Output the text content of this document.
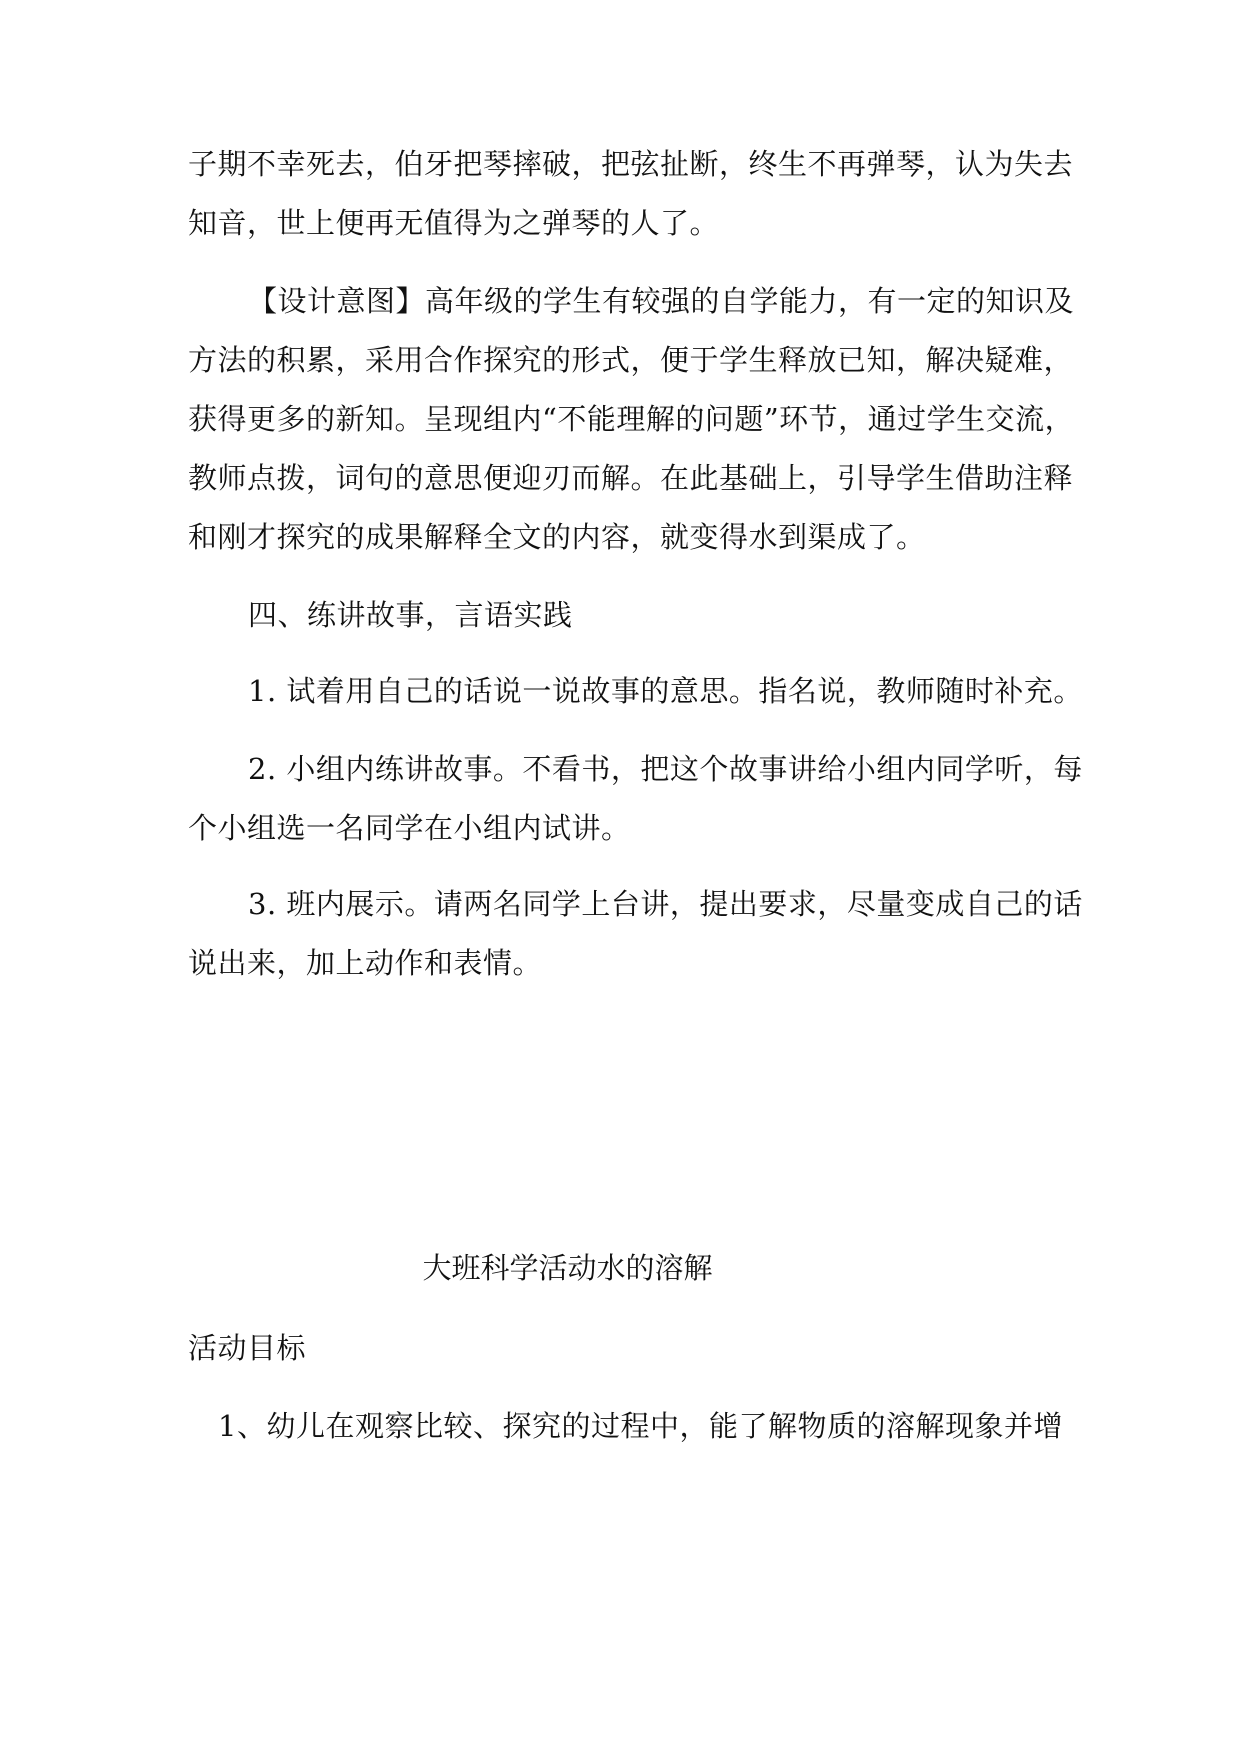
子期不幸死去，伯牙把琴摔破，把弦扯断，终生不再弹琴，认为失去
知音，世上便再无值得为之弹琴的人了。
【设计意图】高年级的学生有较强的自学能力，有一定的知识及
方法的积累，采用合作探究的形式，便于学生释放已知，解决疑难，
获得更多的新知。呈现组内“不能理解的问题”环节，通过学生交流，
教师点拨，词句的意思便迎刃而解。在此基础上，引导学生借助注释
和刚才探究的成果解释全文的内容，就变得水到渠成了。
四、练讲故事，言语实践
1. 试着用自己的话说一说故事的意思。指名说，教师随时补充。
2. 小组内练讲故事。不看书，把这个故事讲给小组内同学听，每
个小组选一名同学在小组内试讲。
3. 班内展示。请两名同学上台讲，提出要求，尽量变成自己的话
说出来，加上动作和表情。
大班科学活动水的溶解
活动目标
1、幼儿在观察比较、探究的过程中，能了解物质的溶解现象并增
